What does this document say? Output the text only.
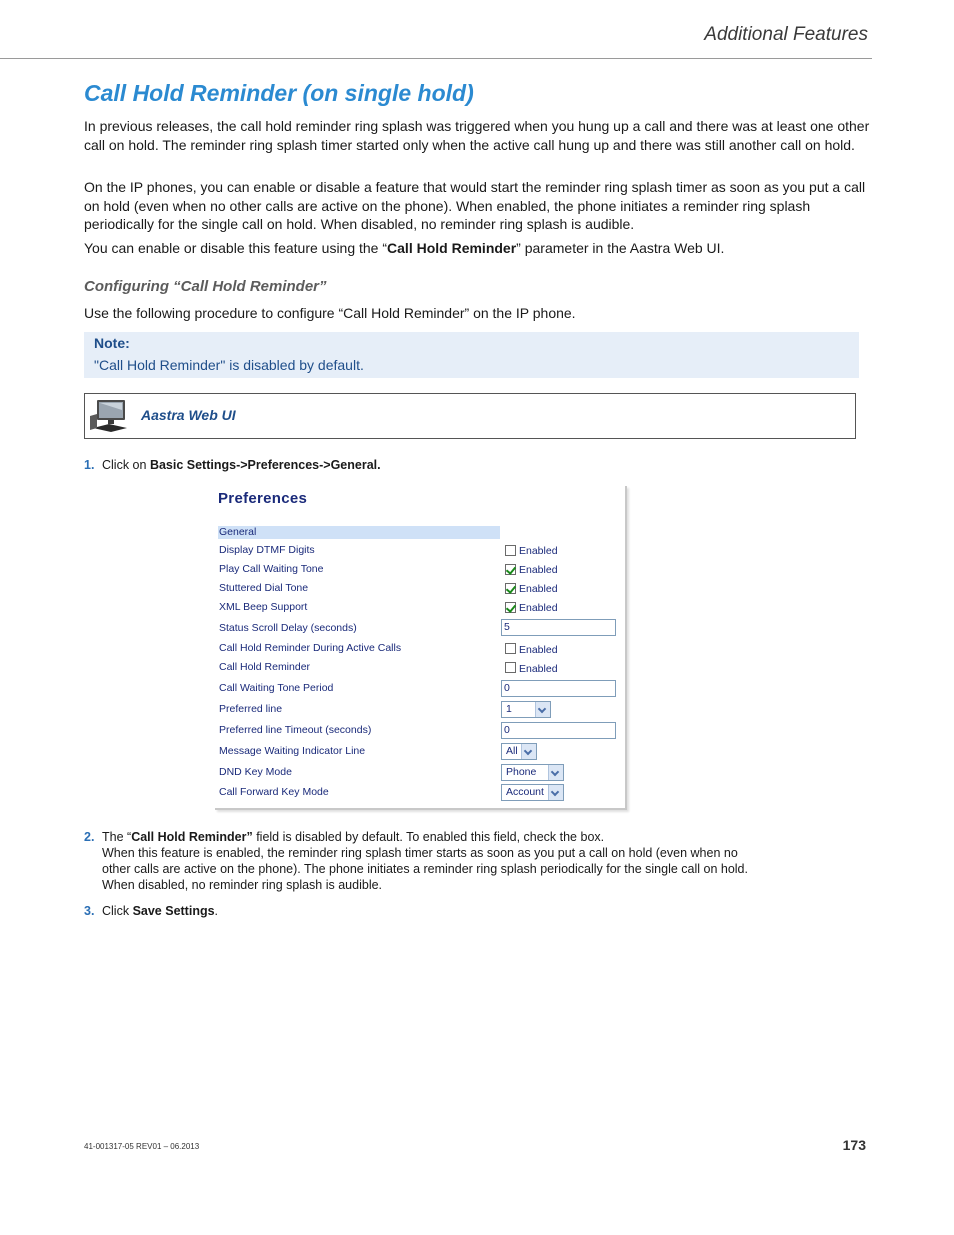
Additional Features
Call Hold Reminder (on single hold)

In previous releases, the call hold reminder ring splash was triggered when you hung up a call and there was at least one other call on hold. The reminder ring splash timer started only when the active call hung up and there was still another call on hold.

On the IP phones, you can enable or disable a feature that would start the reminder ring splash timer as soon as you put a call on hold (even when no other calls are active on the phone). When enabled, the phone initiates a reminder ring splash periodically for the single call on hold. When disabled, no reminder ring splash is audible.

You can enable or disable this feature using the “Call Hold Reminder” parameter in the Aastra Web UI.

Configuring “Call Hold Reminder”

Use the following procedure to configure “Call Hold Reminder” on the IP phone.

Note:
"Call Hold Reminder" is disabled by default.
Aastra Web UI
1. Click on Basic Settings->Preferences->General.
Preferences
General
Display DTMF Digits	Enabled
Play Call Waiting Tone	Enabled
Stuttered Dial Tone	Enabled
XML Beep Support	Enabled
Status Scroll Delay (seconds)	5
Call Hold Reminder During Active Calls	Enabled
Call Hold Reminder	Enabled
Call Waiting Tone Period	0
Preferred line	1
Preferred line Timeout (seconds)	0
Message Waiting Indicator Line	All
DND Key Mode	Phone
Call Forward Key Mode	Account
2. The “Call Hold Reminder” field is disabled by default. To enabled this field, check the box.
When this feature is enabled, the reminder ring splash timer starts as soon as you put a call on hold (even when no other calls are active on the phone). The phone initiates a reminder ring splash periodically for the single call on hold. When disabled, no reminder ring splash is audible.
3. Click Save Settings.
41-001317-05 REV01 – 06.2013	173
